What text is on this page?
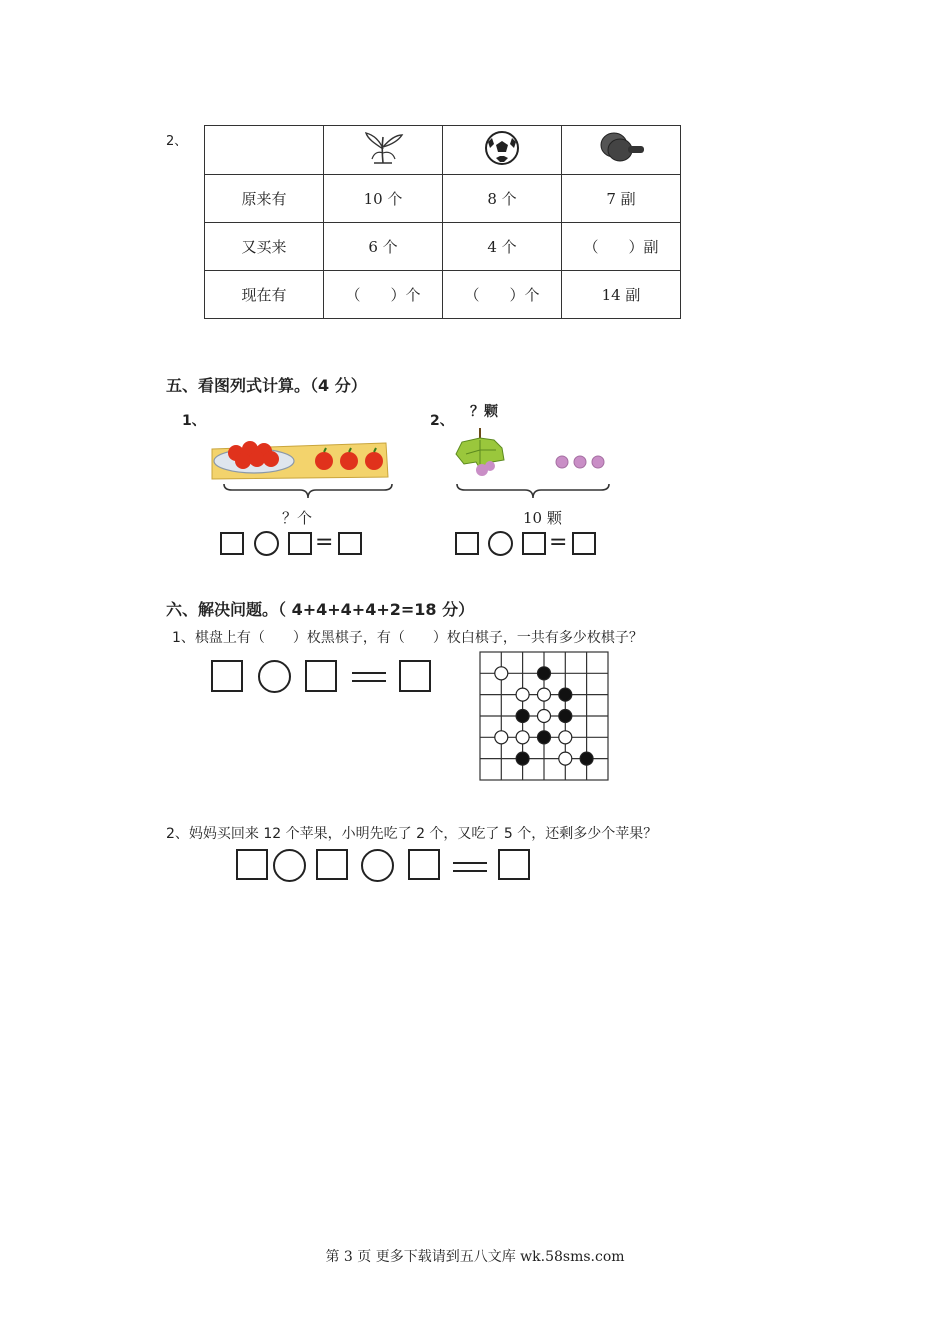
2、

原来有	10 个	8 个	7 副
又买来	6 个	4 个	（　　）副
现在有	（　　）个	（　　）个	14 副
五、看图列式计算。（4 分）
1、
？个
=
2、
？颗
10 颗
=
六、解决问题。（ 4+4+4+4+2=18 分）
1、棋盘上有（　　）枚黑棋子，有（　　）枚白棋子，一共有多少枚棋子？
2、妈妈买回来 12 个苹果，小明先吃了 2 个，又吃了 5 个，还剩多少个苹果？
第 3 页 更多下载请到五八文库 wk.58sms.com
